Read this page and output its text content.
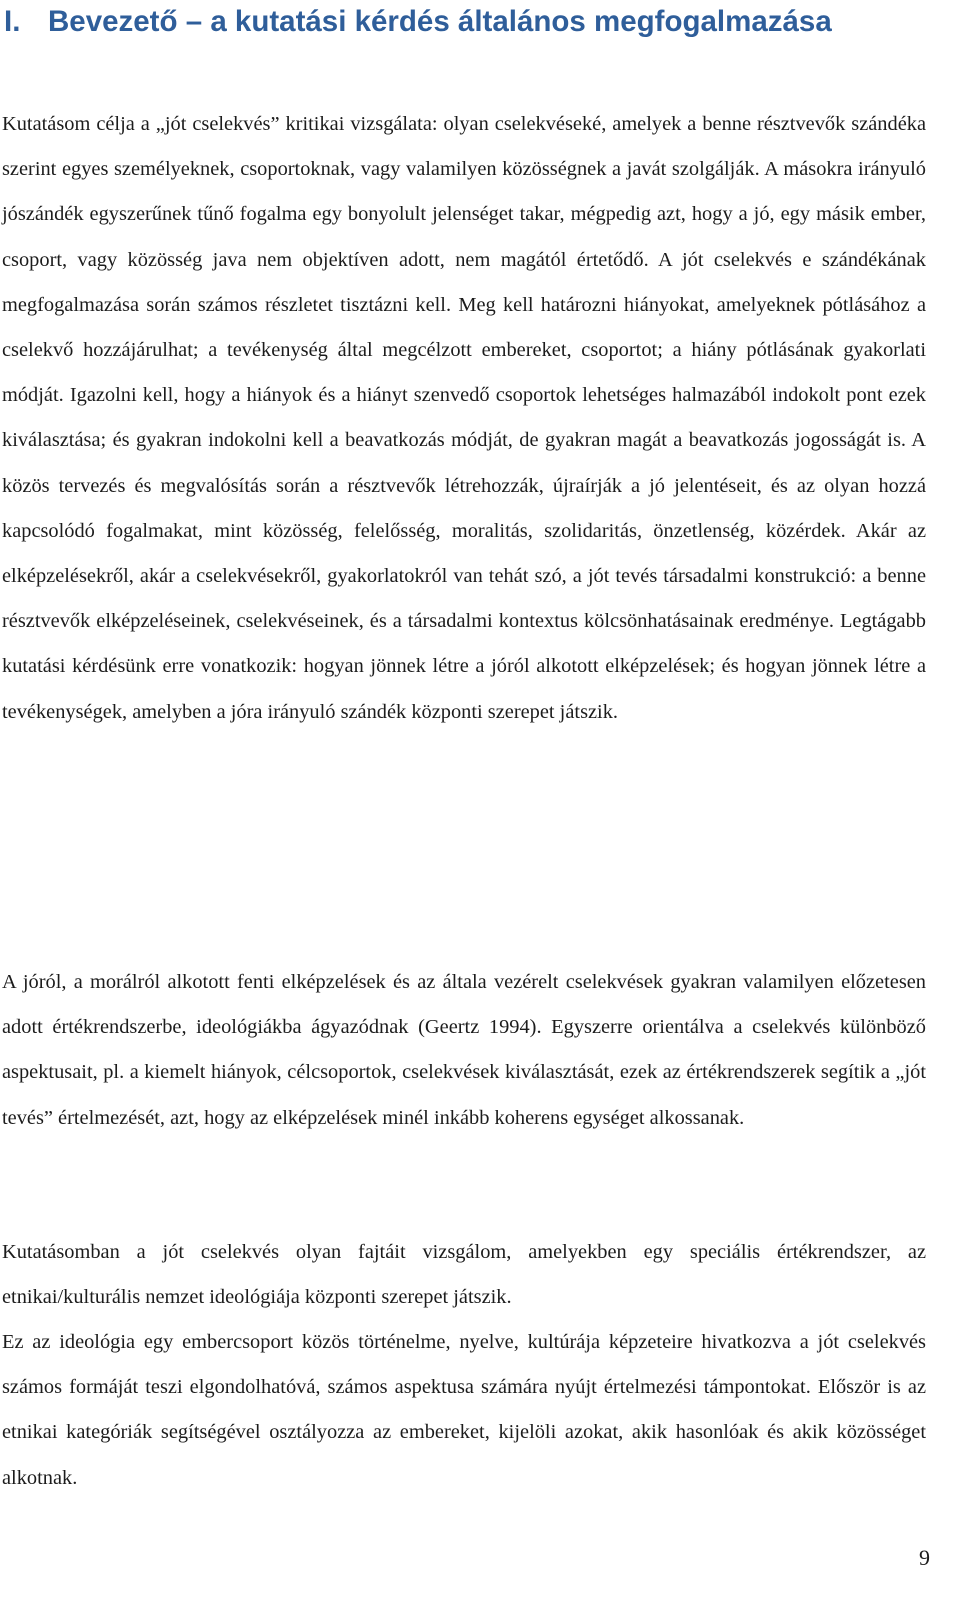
I. Bevezető – a kutatási kérdés általános megfogalmazása

Kutatásom célja a „jót cselekvés” kritikai vizsgálata: olyan cselekvéseké, amelyek a benne résztvevők szándéka szerint egyes személyeknek, csoportoknak, vagy valamilyen közösségnek a javát szolgálják. A másokra irányuló jószándék egyszerűnek tűnő fogalma egy bonyolult jelenséget takar, mégpedig azt, hogy a jó, egy másik ember, csoport, vagy közösség java nem objektíven adott, nem magától értetődő. A jót cselekvés e szándékának megfogalmazása során számos részletet tisztázni kell. Meg kell határozni hiányokat, amelyeknek pótlásához a cselekvő hozzájárulhat; a tevékenység által megcélzott embereket, csoportot; a hiány pótlásának gyakorlati módját. Igazolni kell, hogy a hiányok és a hiányt szenvedő csoportok lehetséges halmazából indokolt pont ezek kiválasztása; és gyakran indokolni kell a beavatkozás módját, de gyakran magát a beavatkozás jogosságát is. A közös tervezés és megvalósítás során a résztvevők létrehozzák, újraírják a jó jelentéseit, és az olyan hozzá kapcsolódó fogalmakat, mint közösség, felelősség, moralitás, szolidaritás, önzetlenség, közérdek. Akár az elképzelésekről, akár a cselekvésekről, gyakorlatokról van tehát szó, a jót tevés társadalmi konstrukció: a benne résztvevők elképzeléseinek, cselekvéseinek, és a társadalmi kontextus kölcsönhatásainak eredménye. Legtágabb kutatási kérdésünk erre vonatkozik: hogyan jönnek létre a jóról alkotott elképzelések; és hogyan jönnek létre a tevékenységek, amelyben a jóra irányuló szándék központi szerepet játszik.

A jóról, a morálról alkotott fenti elképzelések és az általa vezérelt cselekvések gyakran valamilyen előzetesen adott értékrendszerbe, ideológiákba ágyazódnak (Geertz 1994). Egyszerre orientálva a cselekvés különböző aspektusait, pl. a kiemelt hiányok, célcsoportok, cselekvések kiválasztását, ezek az értékrendszerek segítik a „jót tevés” értelmezését, azt, hogy az elképzelések minél inkább koherens egységet alkossanak.

Kutatásomban a jót cselekvés olyan fajtáit vizsgálom, amelyekben egy speciális értékrendszer, az etnikai/kulturális nemzet ideológiája központi szerepet játszik.

Ez az ideológia egy embercsoport közös történelme, nyelve, kultúrája képzeteire hivatkozva a jót cselekvés számos formáját teszi elgondolhatóvá, számos aspektusa számára nyújt értelmezési támpontokat. Először is az etnikai kategóriák segítségével osztályozza az embereket, kijelöli azokat, akik hasonlóak és akik közösséget alkotnak.

9
